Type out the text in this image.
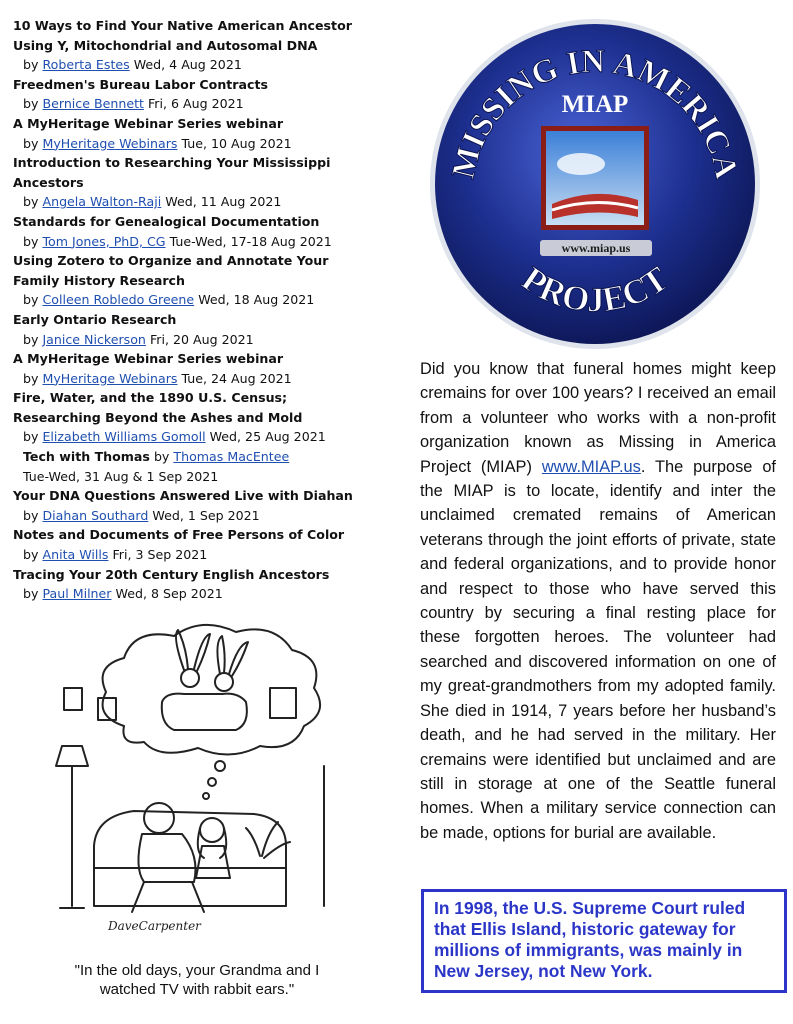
10 Ways to Find Your Native American Ancestor Using Y, Mitochondrial and Autosomal DNA
by Roberta Estes Wed, 4 Aug 2021
Freedmen's Bureau Labor Contracts
by Bernice Bennett Fri, 6 Aug 2021
A MyHeritage Webinar Series webinar
by MyHeritage Webinars Tue, 10 Aug 2021
Introduction to Researching Your Mississippi Ancestors
by Angela Walton-Raji Wed, 11 Aug 2021
Standards for Genealogical Documentation
by Tom Jones, PhD, CG Tue-Wed, 17-18 Aug 2021
Using Zotero to Organize and Annotate Your Family History Research
by Colleen Robledo Greene Wed, 18 Aug 2021
Early Ontario Research
by Janice Nickerson Fri, 20 Aug 2021
A MyHeritage Webinar Series webinar
by MyHeritage Webinars Tue, 24 Aug 2021
Fire, Water, and the 1890 U.S. Census; Researching Beyond the Ashes and Mold
by Elizabeth Williams Gomoll Wed, 25 Aug 2021
Tech with Thomas by Thomas MacEntee
Tue-Wed, 31 Aug & 1 Sep 2021
Your DNA Questions Answered Live with Diahan
by Diahan Southard Wed, 1 Sep 2021
Notes and Documents of Free Persons of Color
by Anita Wills Fri, 3 Sep 2021
Tracing Your 20th Century English Ancestors
by Paul Milner Wed, 8 Sep 2021
MISSING IN AMERICA
MIAP
www.miap.us
PROJECT
Did you know that funeral homes might keep cremains for over 100 years? I received an email from a volunteer who works with a non-profit organization known as Missing in America Project (MIAP) www.MIAP.us. The purpose of the MIAP is to locate, identify and inter the unclaimed cremated remains of American veterans through the joint efforts of private, state and federal organizations, and to provide honor and respect to those who have served this country by securing a final resting place for these forgotten heroes. The volunteer had searched and discovered information on one of my great-grandmothers from my adopted family. She died in 1914, 7 years before her husband’s death, and he had served in the military. Her cremains were identified but unclaimed and are still in storage at one of the Seattle funeral homes. When a military service connection can be made, options for burial are available.
In 1998, the U.S. Supreme Court ruled that Ellis Island, historic gateway for millions of immigrants, was mainly in New Jersey, not New York.
DaveCarpenter
"In the old days, your Grandma and I
watched TV with rabbit ears."
